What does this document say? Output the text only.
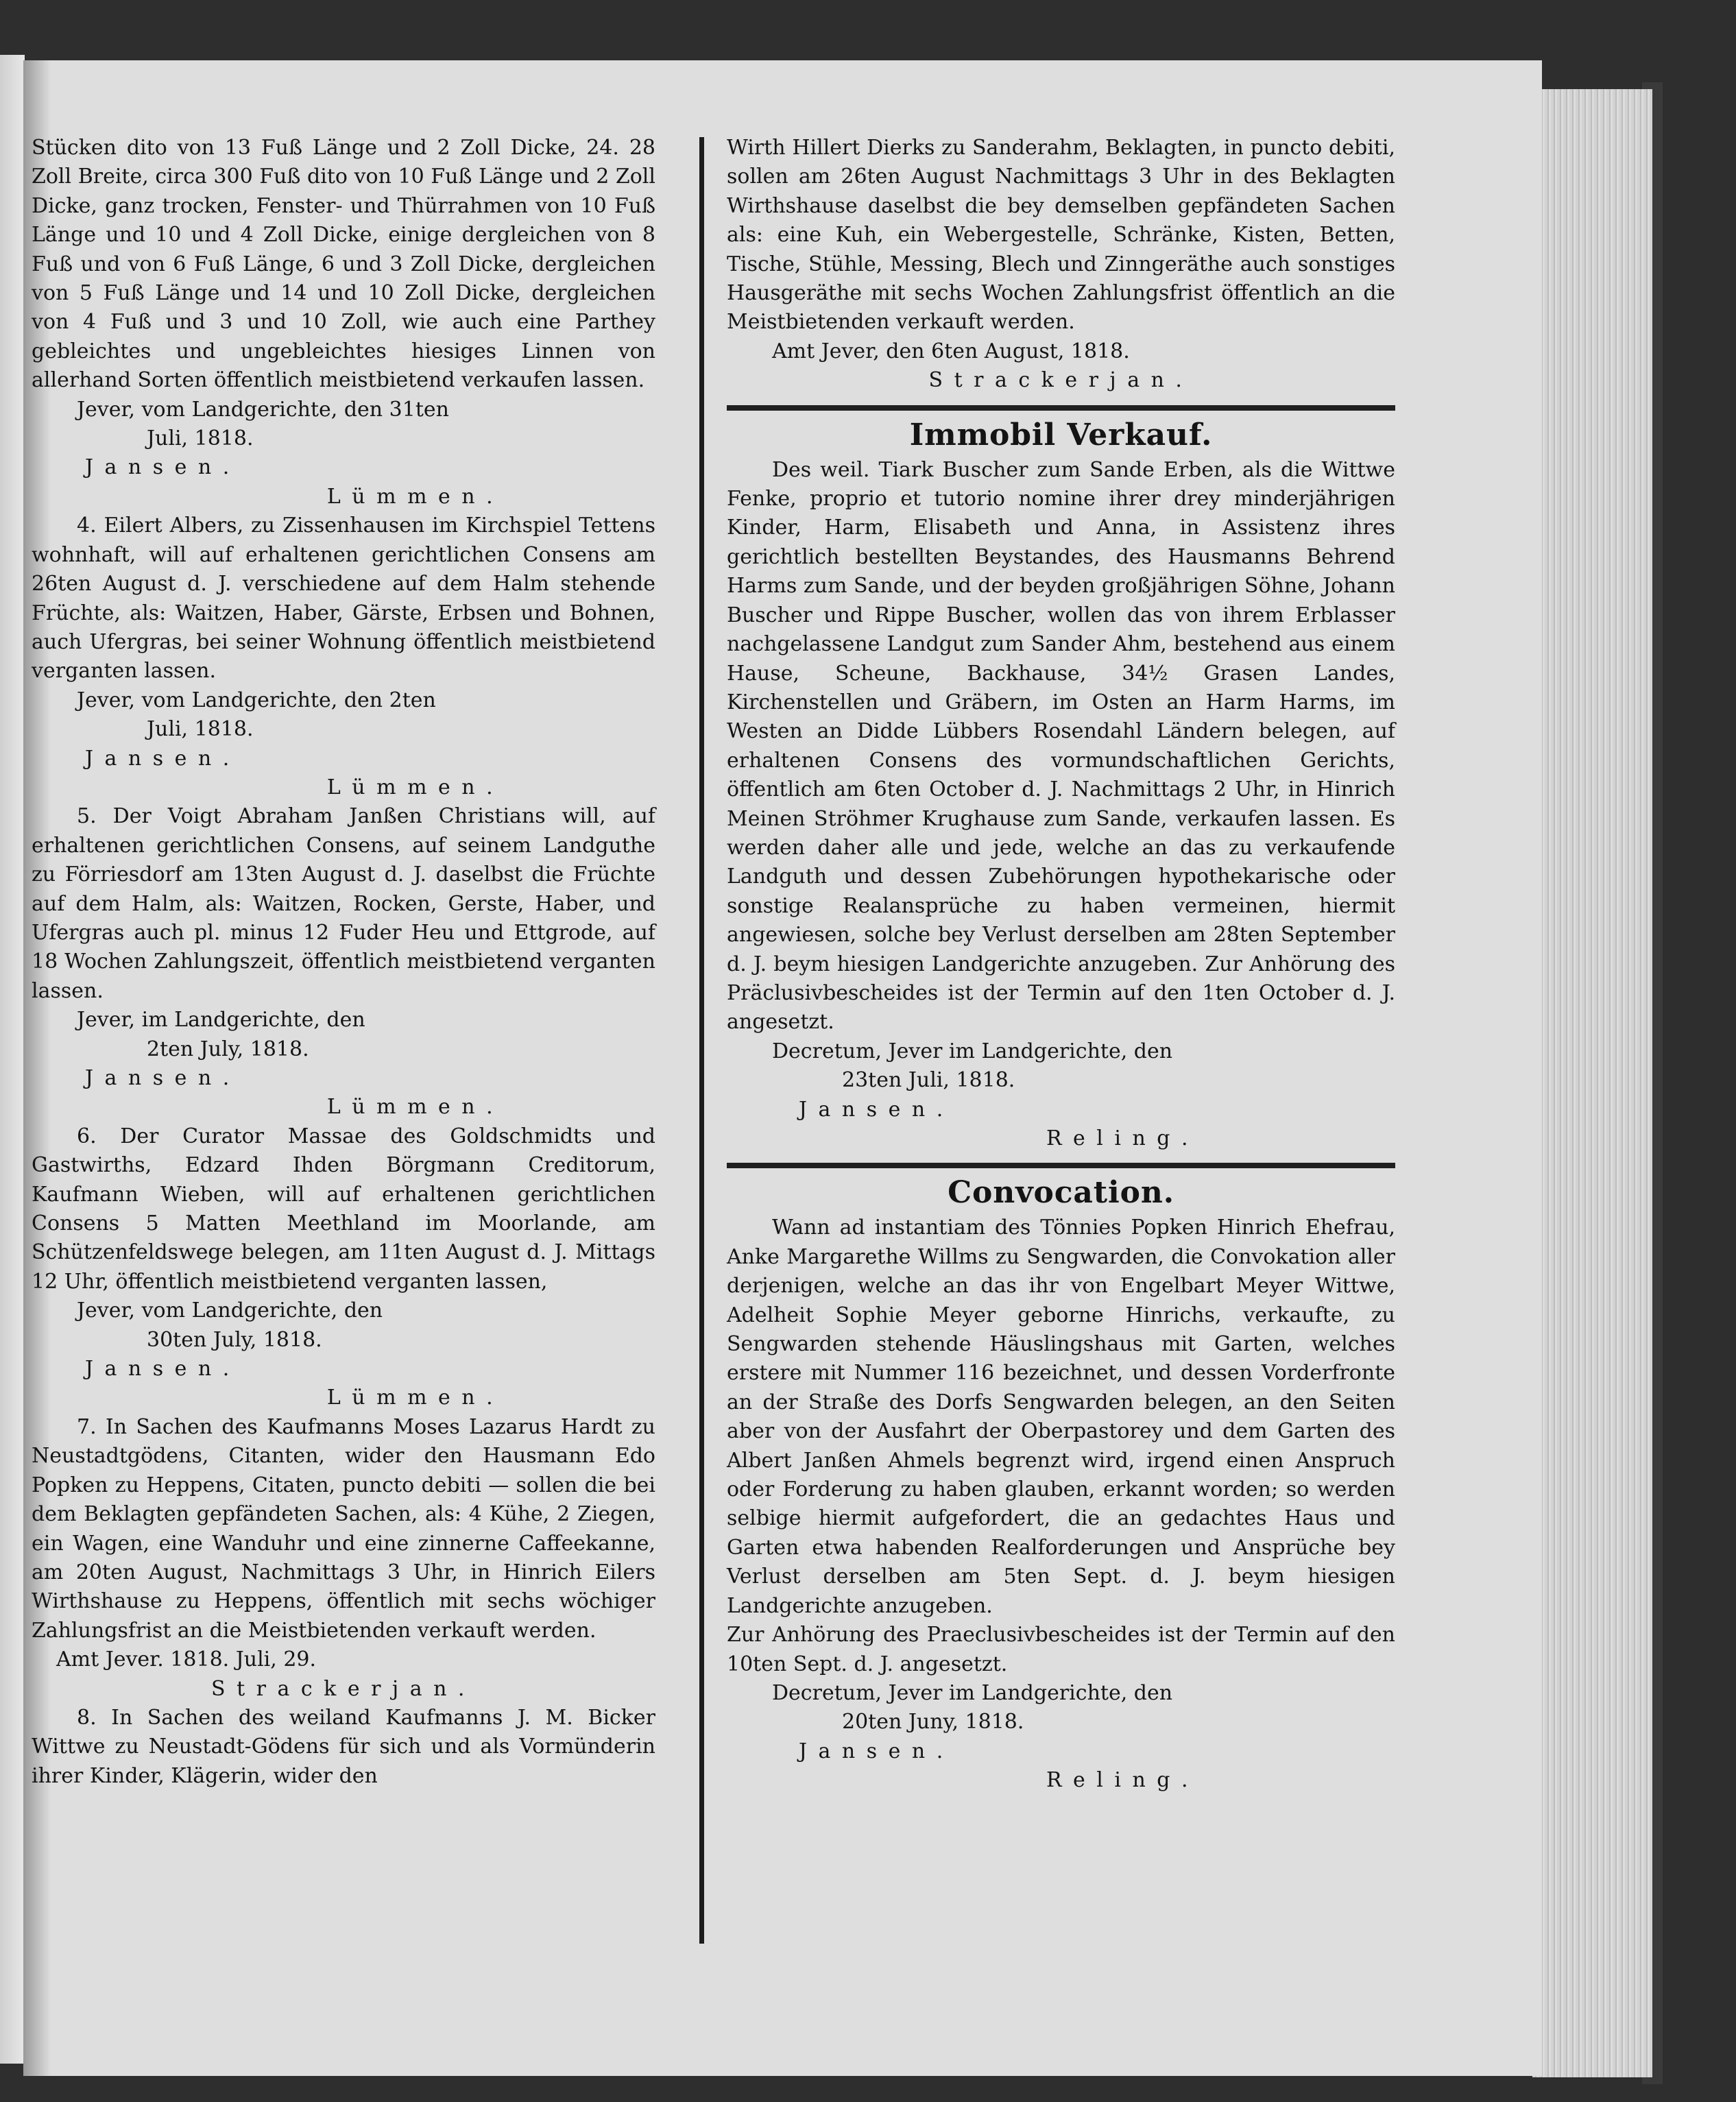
Stücken dito von 13 Fuß Länge und 2 Zoll Dicke, 24. 28 Zoll Breite, circa 300 Fuß dito von 10 Fuß Länge und 2 Zoll Dicke, ganz trocken, Fenster- und Thürrahmen von 10 Fuß Länge und 10 und 4 Zoll Dicke, einige dergleichen von 8 Fuß und von 6 Fuß Länge, 6 und 3 Zoll Dicke, dergleichen von 5 Fuß Länge und 14 und 10 Zoll Dicke, dergleichen von 4 Fuß und 3 und 10 Zoll, wie auch eine Parthey gebleichtes und ungebleichtes hiesiges Linnen von allerhand Sorten öffentlich meistbietend verkaufen lassen.

Jever, vom Landgerichte, den 31ten

Juli, 1818.

Jansen.

Lümmen.

4. Eilert Albers, zu Zissenhausen im Kirchspiel Tettens wohnhaft, will auf erhaltenen gerichtlichen Consens am 26ten August d. J. verschiedene auf dem Halm stehende Früchte, als: Waitzen, Haber, Gärste, Erbsen und Bohnen, auch Ufergras, bei seiner Wohnung öffentlich meistbietend verganten lassen.

Jever, vom Landgerichte, den 2ten

Juli, 1818.

Jansen.

Lümmen.

5. Der Voigt Abraham Janßen Christians will, auf erhaltenen gerichtlichen Consens, auf seinem Landguthe zu Förriesdorf am 13ten August d. J. daselbst die Früchte auf dem Halm, als: Waitzen, Rocken, Gerste, Haber, und Ufergras auch pl. minus 12 Fuder Heu und Ettgrode, auf 18 Wochen Zahlungszeit, öffentlich meistbietend verganten lassen.

Jever, im Landgerichte, den

2ten July, 1818.

Jansen.

Lümmen.

6. Der Curator Massae des Goldschmidts und Gastwirths, Edzard Ihden Börgmann Creditorum, Kaufmann Wieben, will auf erhaltenen gerichtlichen Consens 5 Matten Meethland im Moorlande, am Schützenfeldswege belegen, am 11ten August d. J. Mittags 12 Uhr, öffentlich meistbietend verganten lassen,

Jever, vom Landgerichte, den

30ten July, 1818.

Jansen.

Lümmen.

7. In Sachen des Kaufmanns Moses Lazarus Hardt zu Neustadtgödens, Citanten, wider den Hausmann Edo Popken zu Heppens, Citaten, puncto debiti — sollen die bei dem Beklagten gepfändeten Sachen, als: 4 Kühe, 2 Ziegen, ein Wagen, eine Wanduhr und eine zinnerne Caffeekanne, am 20ten August, Nachmittags 3 Uhr, in Hinrich Eilers Wirthshause zu Heppens, öffentlich mit sechs wöchiger Zahlungsfrist an die Meistbietenden verkauft werden.

Amt Jever. 1818. Juli, 29.

Strackerjan.

8. In Sachen des weiland Kaufmanns J. M. Bicker Wittwe zu Neustadt-Gödens für sich und als Vormünderin ihrer Kinder, Klägerin, wider den

Wirth Hillert Dierks zu Sanderahm, Beklagten, in puncto debiti, sollen am 26ten August Nachmittags 3 Uhr in des Beklagten Wirthshause daselbst die bey demselben gepfändeten Sachen als: eine Kuh, ein Webergestelle, Schränke, Kisten, Betten, Tische, Stühle, Messing, Blech und Zinngeräthe auch sonstiges Hausgeräthe mit sechs Wochen Zahlungsfrist öffentlich an die Meistbietenden verkauft werden.

Amt Jever, den 6ten August, 1818.

Strackerjan.

Immobil Verkauf.

Des weil. Tiark Buscher zum Sande Erben, als die Wittwe Fenke, proprio et tutorio nomine ihrer drey minderjährigen Kinder, Harm, Elisabeth und Anna, in Assistenz ihres gerichtlich bestellten Beystandes, des Hausmanns Behrend Harms zum Sande, und der beyden großjährigen Söhne, Johann Buscher und Rippe Buscher, wollen das von ihrem Erblasser nachgelassene Landgut zum Sander Ahm, bestehend aus einem Hause, Scheune, Backhause, 34½ Grasen Landes, Kirchenstellen und Gräbern, im Osten an Harm Harms, im Westen an Didde Lübbers Rosendahl Ländern belegen, auf erhaltenen Consens des vormundschaftlichen Gerichts, öffentlich am 6ten October d. J. Nachmittags 2 Uhr, in Hinrich Meinen Ströhmer Krughause zum Sande, verkaufen lassen. Es werden daher alle und jede, welche an das zu verkaufende Landguth und dessen Zubehörungen hypothekarische oder sonstige Realansprüche zu haben vermeinen, hiermit angewiesen, solche bey Verlust derselben am 28ten September d. J. beym hiesigen Landgerichte anzugeben. Zur Anhörung des Präclusivbescheides ist der Termin auf den 1ten October d. J. angesetzt.

Decretum, Jever im Landgerichte, den

23ten Juli, 1818.

Jansen.

Reling.

Convocation.

Wann ad instantiam des Tönnies Popken Hinrich Ehefrau, Anke Margarethe Willms zu Sengwarden, die Convokation aller derjenigen, welche an das ihr von Engelbart Meyer Wittwe, Adelheit Sophie Meyer geborne Hinrichs, verkaufte, zu Sengwarden stehende Häuslingshaus mit Garten, welches erstere mit Nummer 116 bezeichnet, und dessen Vorderfronte an der Straße des Dorfs Sengwarden belegen, an den Seiten aber von der Ausfahrt der Oberpastorey und dem Garten des Albert Janßen Ahmels begrenzt wird, irgend einen Anspruch oder Forderung zu haben glauben, erkannt worden; so werden selbige hiermit aufgefordert, die an gedachtes Haus und Garten etwa habenden Realforderungen und Ansprüche bey Verlust derselben am 5ten Sept. d. J. beym hiesigen Landgerichte anzugeben.

Zur Anhörung des Praeclusivbescheides ist der Termin auf den 10ten Sept. d. J. angesetzt.

Decretum, Jever im Landgerichte, den

20ten Juny, 1818.

Jansen.

Reling.
